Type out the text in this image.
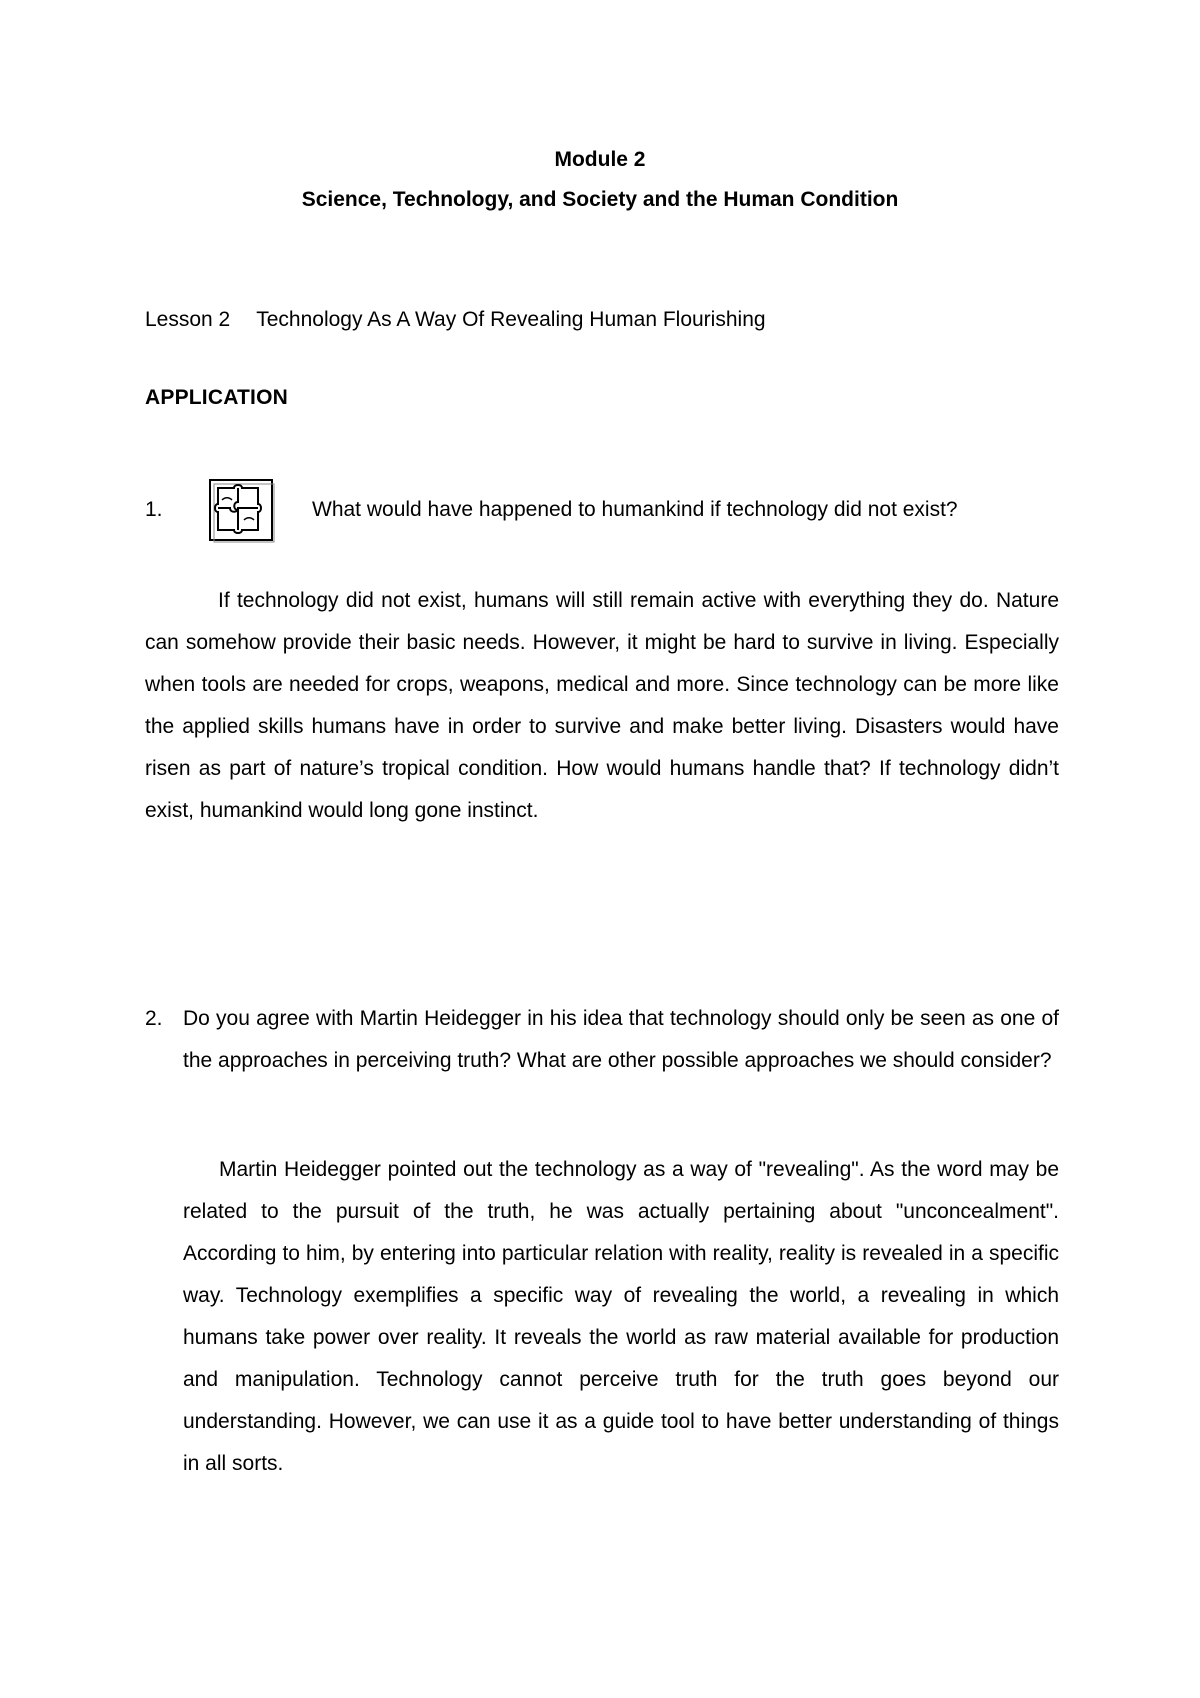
Module 2
Science, Technology, and Society and the Human Condition
Lesson 2 Technology As A Way Of Revealing Human Flourishing
APPLICATION
1.	What would have happened to humankind if technology did not exist?

If technology did not exist, humans will still remain active with everything they do. Nature can somehow provide their basic needs. However, it might be hard to survive in living. Especially when tools are needed for crops, weapons, medical and more. Since technology can be more like the applied skills humans have in order to survive and make better living. Disasters would have risen as part of nature’s tropical condition. How would humans handle that? If technology didn’t exist, humankind would long gone instinct.

2. Do you agree with Martin Heidegger in his idea that technology should only be seen as one of the approaches in perceiving truth? What are other possible approaches we should consider?

Martin Heidegger pointed out the technology as a way of "revealing". As the word may be related to the pursuit of the truth, he was actually pertaining about "unconcealment". According to him, by entering into particular relation with reality, reality is revealed in a specific way. Technology exemplifies a specific way of revealing the world, a revealing in which humans take power over reality. It reveals the world as raw material available for production and manipulation. Technology cannot perceive truth for the truth goes beyond our understanding. However, we can use it as a guide tool to have better understanding of things in all sorts.
